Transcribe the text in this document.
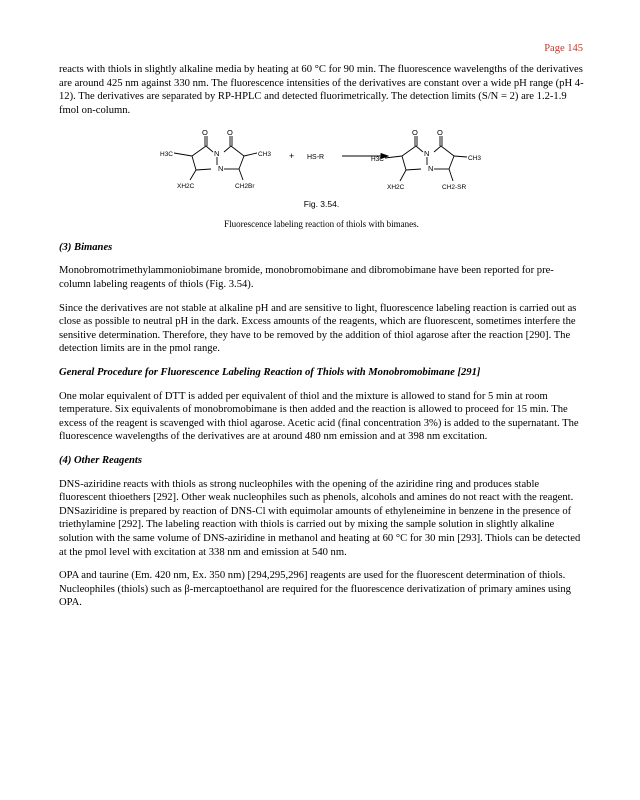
Page 145

reacts with thiols in slightly alkaline media by heating at 60 °C for 90 min. The fluorescence wavelengths of the derivatives are around 425 nm against 330 nm. The fluorescence intensities of the derivatives are constant over a wide pH range (pH 4-12). The derivatives are separated by RP-HPLC and detected fluorimetrically. The detection limits (S/N = 2) are 1.2-1.9 fmol on-column.

O	O
N
N
H3C	CH3
XH2C	CH2Br
+ HS-R
O	O
N
N
H3C	CH3
XH2C	CH2-SR
Fig. 3.54.
Fluorescence labeling reaction of thiols with bimanes.
(3) Bimanes

Monobromotrimethylammoniobimane bromide, monobromobimane and dibromobimane have been reported for pre-column labeling reagents of thiols (Fig. 3.54).

Since the derivatives are not stable at alkaline pH and are sensitive to light, fluorescence labeling reaction is carried out as close as possible to neutral pH in the dark. Excess amounts of the reagents, which are fluorescent, sometimes interfere the sensitive determination. Therefore, they have to be removed by the addition of thiol agarose after the reaction [290]. The detection limits are in the pmol range.

General Procedure for Fluorescence Labeling Reaction of Thiols with Monobromobimane [291]

One molar equivalent of DTT is added per equivalent of thiol and the mixture is allowed to stand for 5 min at room temperature. Six equivalents of monobromobimane is then added and the reaction is allowed to proceed for 15 min. The excess of the reagent is scavenged with thiol agarose. Acetic acid (final concentration 3%) is added to the supernatant. The fluorescence wavelengths of the derivatives are at around 480 nm emission and at 398 nm excitation.

(4) Other Reagents

DNS-aziridine reacts with thiols as strong nucleophiles with the opening of the aziridine ring and produces stable fluorescent thioethers [292]. Other weak nucleophiles such as phenols, alcohols and amines do not react with the reagent. DNSaziridine is prepared by reaction of DNS-Cl with equimolar amounts of ethyleneimine in benzene in the presence of triethylamine [292]. The labeling reaction with thiols is carried out by mixing the sample solution in slightly alkaline solution with the same volume of DNS-aziridine in methanol and heating at 60 °C for 30 min [293]. Thiols can be detected at the pmol level with excitation at 338 nm and emission at 540 nm.

OPA and taurine (Em. 420 nm, Ex. 350 nm) [294,295,296] reagents are used for the fluorescent determination of thiols. Nucleophiles (thiols) such as β-mercaptoethanol are required for the fluorescence derivatization of primary amines using OPA.
